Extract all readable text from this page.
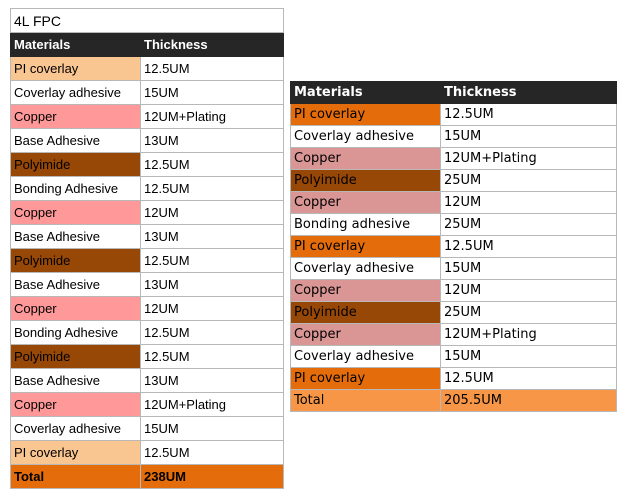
4L FPC	
Materials	Thickness
PI coverlay	12.5UM
Coverlay adhesive	15UM
Copper	12UM+Plating
Base Adhesive	13UM
Polyimide	12.5UM
Bonding Adhesive	12.5UM
Copper	12UM
Base Adhesive	13UM
Polyimide	12.5UM
Base Adhesive	13UM
Copper	12UM
Bonding Adhesive	12.5UM
Polyimide	12.5UM
Base Adhesive	13UM
Copper	12UM+Plating
Coverlay adhesive	15UM
PI coverlay	12.5UM
Total	238UM
Materials	Thickness
PI coverlay	12.5UM
Coverlay adhesive	15UM
Copper	12UM+Plating
Polyimide	25UM
Copper	12UM
Bonding adhesive	25UM
PI coverlay	12.5UM
Coverlay adhesive	15UM
Copper	12UM
Polyimide	25UM
Copper	12UM+Plating
Coverlay adhesive	15UM
PI coverlay	12.5UM
Total	205.5UM
